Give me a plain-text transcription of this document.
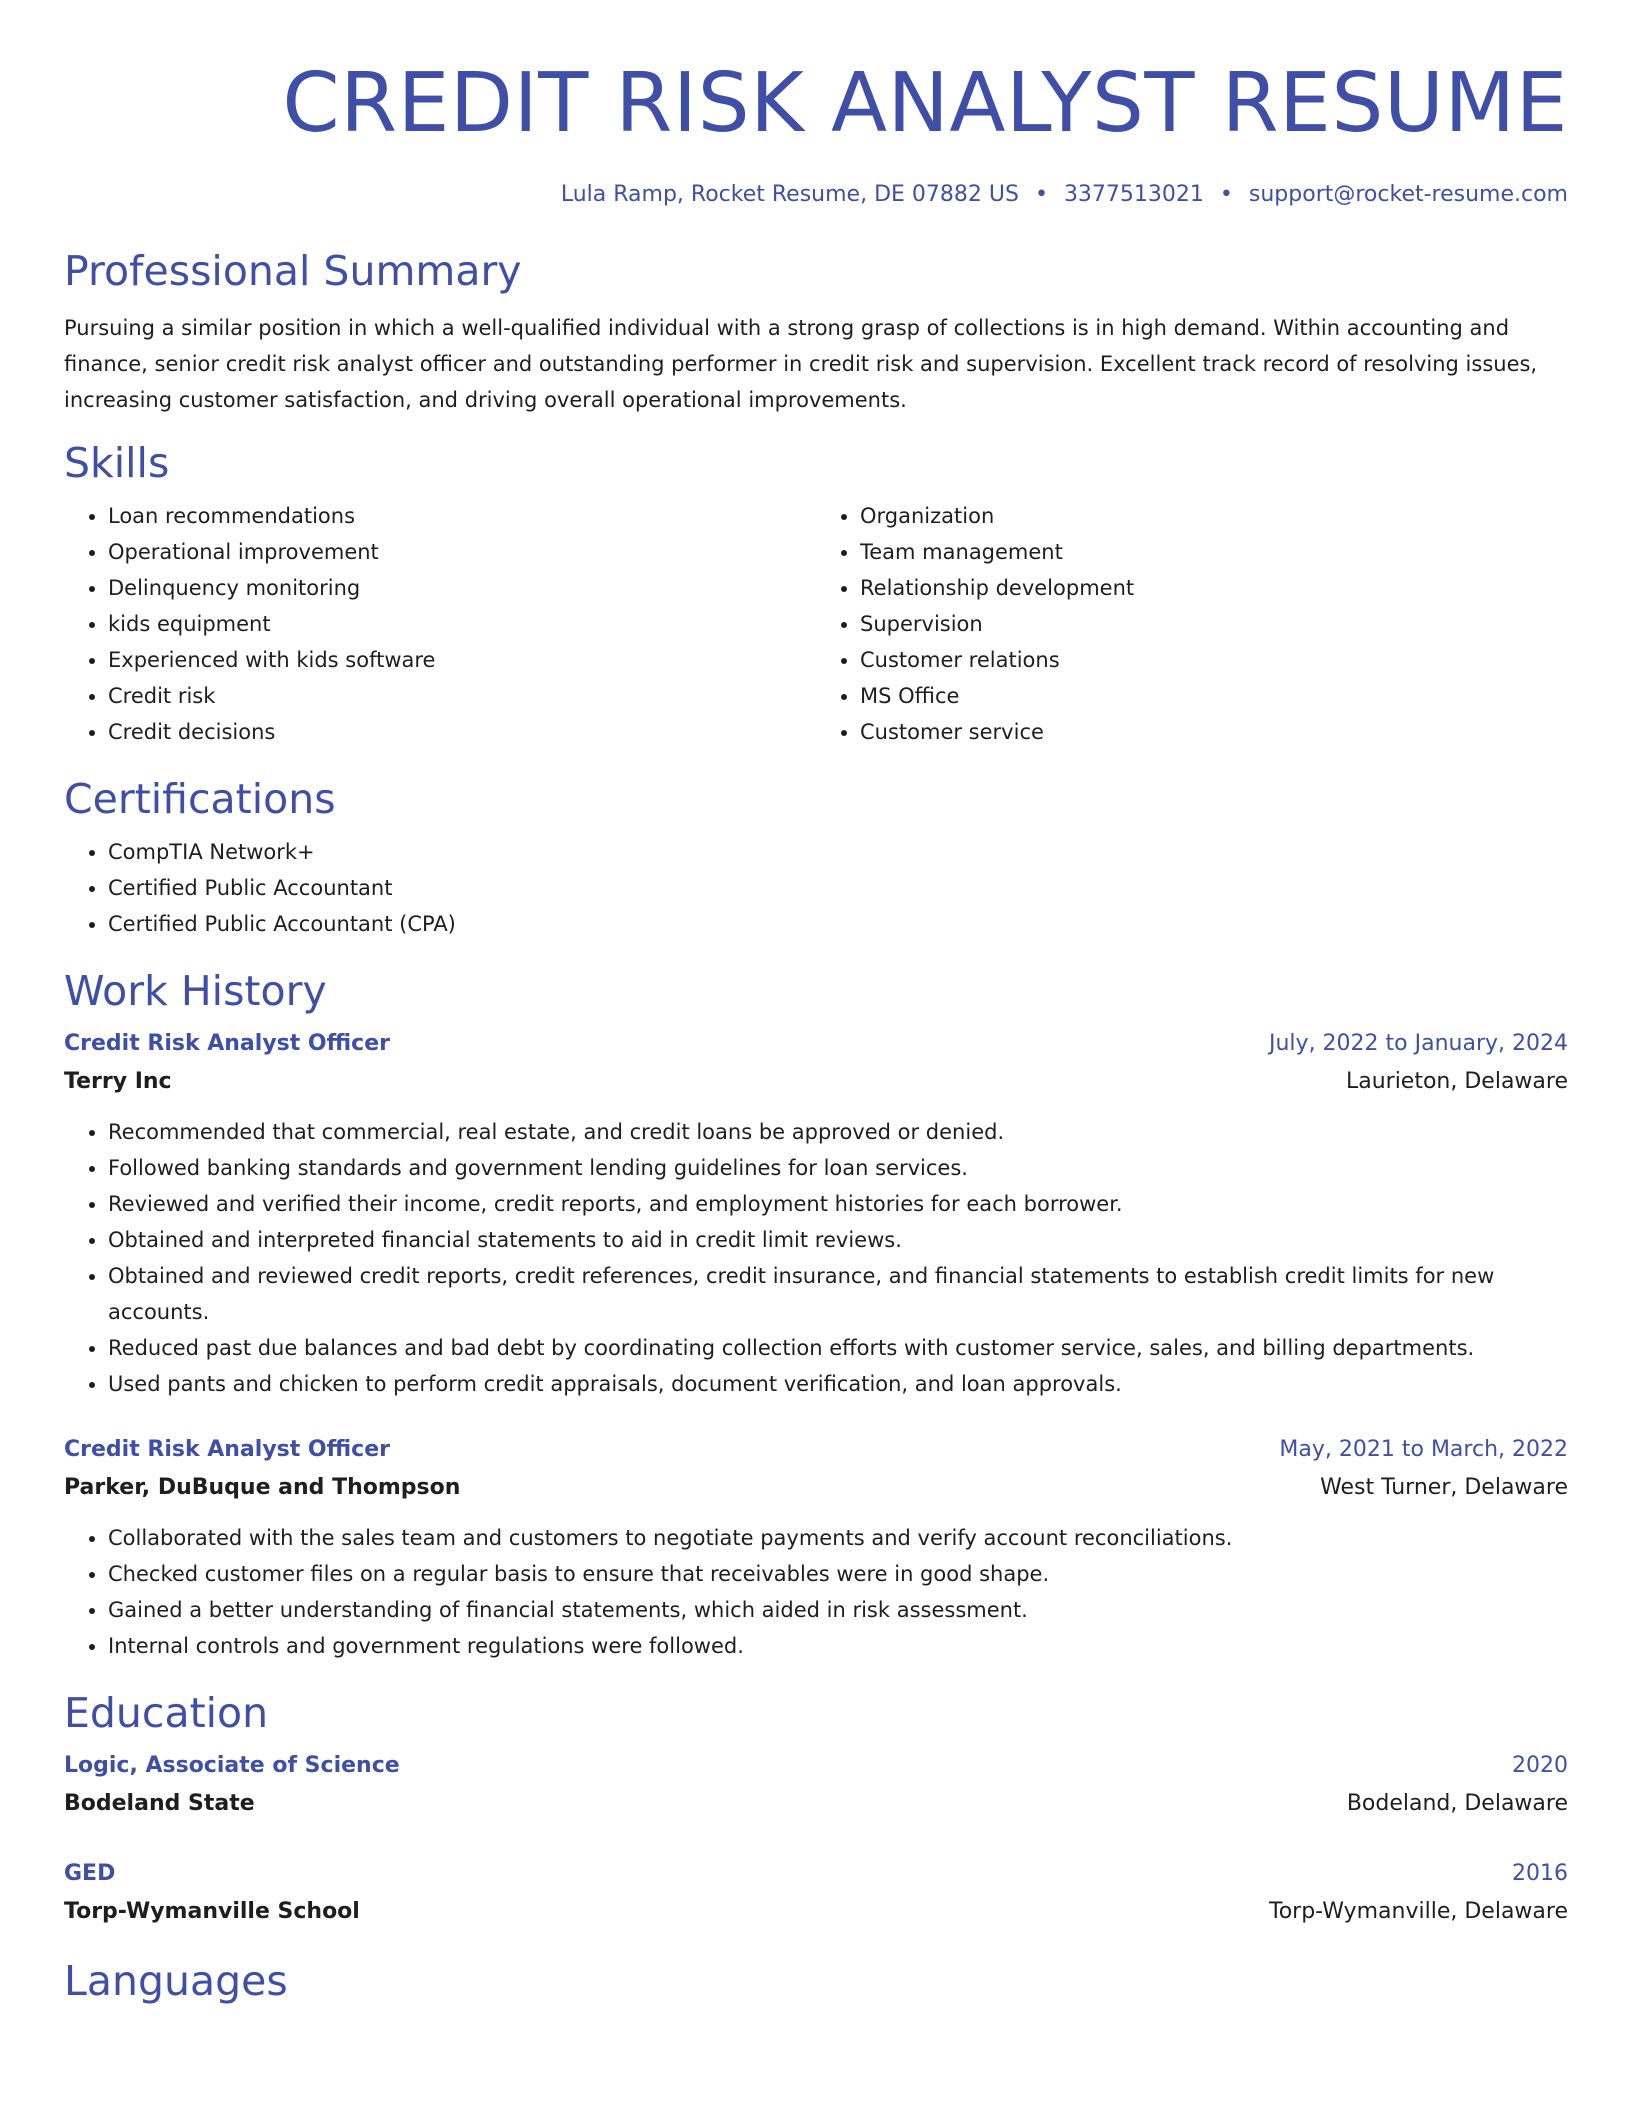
CREDIT RISK ANALYST RESUME
Lula Ramp, Rocket Resume, DE 07882 US • 3377513021 • support@rocket-resume.com
Professional Summary

Pursuing a similar position in which a well-qualified individual with a strong grasp of collections is in high demand. Within accounting and finance, senior credit risk analyst officer and outstanding performer in credit risk and supervision. Excellent track record of resolving issues, increasing customer satisfaction, and driving overall operational improvements.

Skills
• Loan recommendations
• Operational improvement
• Delinquency monitoring
• kids equipment
• Experienced with kids software
• Credit risk
• Credit decisions
• Organization
• Team management
• Relationship development
• Supervision
• Customer relations
• MS Office
• Customer service
Certifications
• CompTIA Network+
• Certified Public Accountant
• Certified Public Accountant (CPA)
Work History
Credit Risk Analyst Officer	July, 2022 to January, 2024
Terry Inc	Laurieton, Delaware
• Recommended that commercial, real estate, and credit loans be approved or denied.
• Followed banking standards and government lending guidelines for loan services.
• Reviewed and verified their income, credit reports, and employment histories for each borrower.
• Obtained and interpreted financial statements to aid in credit limit reviews.
• Obtained and reviewed credit reports, credit references, credit insurance, and financial statements to establish credit limits for new accounts.
• Reduced past due balances and bad debt by coordinating collection efforts with customer service, sales, and billing departments.
• Used pants and chicken to perform credit appraisals, document verification, and loan approvals.
Credit Risk Analyst Officer	May, 2021 to March, 2022
Parker, DuBuque and Thompson	West Turner, Delaware
• Collaborated with the sales team and customers to negotiate payments and verify account reconciliations.
• Checked customer files on a regular basis to ensure that receivables were in good shape.
• Gained a better understanding of financial statements, which aided in risk assessment.
• Internal controls and government regulations were followed.
Education
Logic, Associate of Science	2020
Bodeland State	Bodeland, Delaware
GED	2016
Torp-Wymanville School	Torp-Wymanville, Delaware
Languages
